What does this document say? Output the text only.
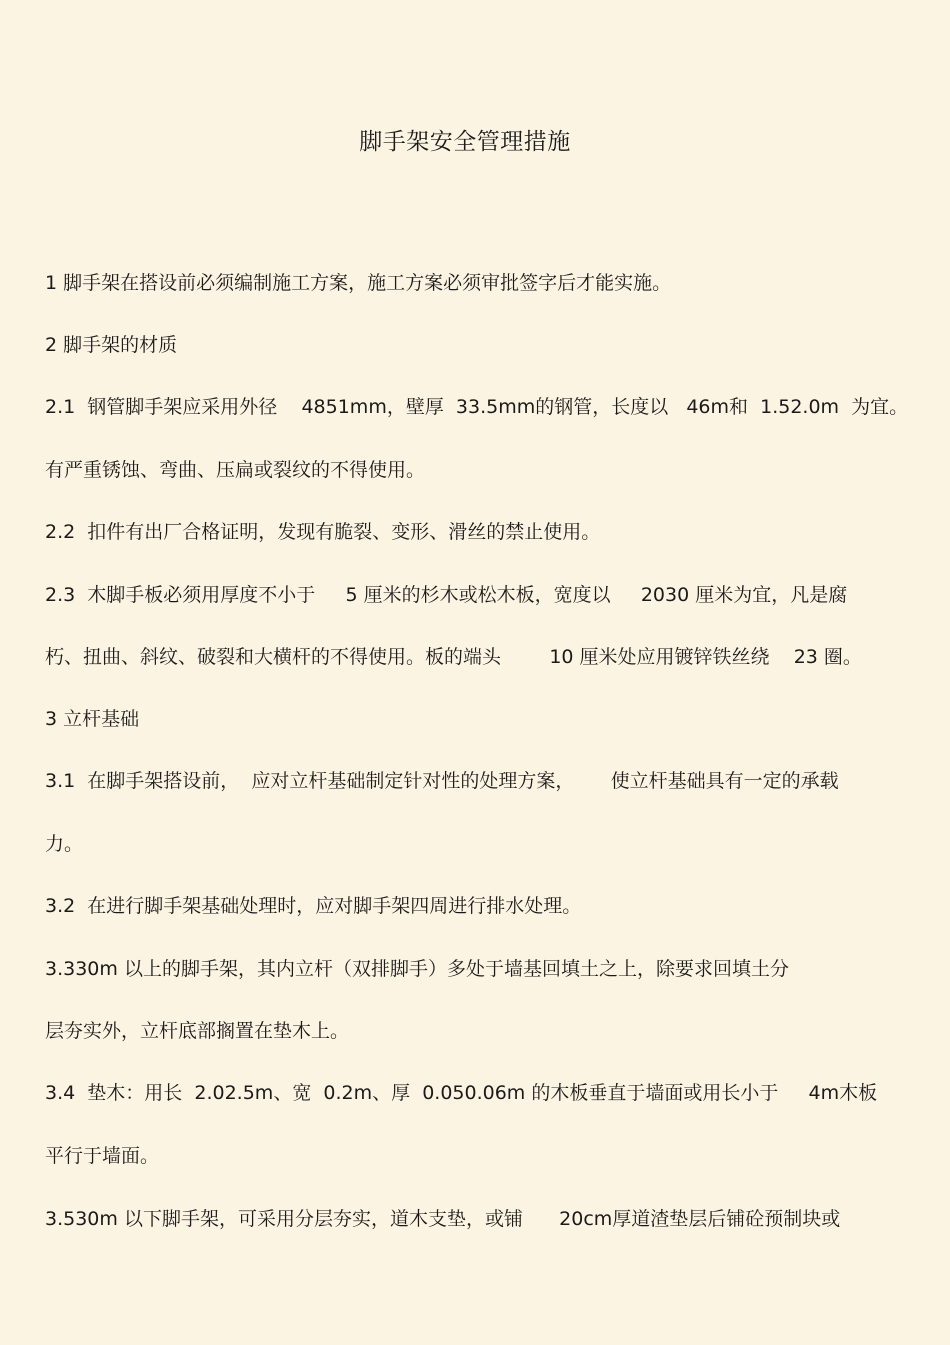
脚手架安全管理措施
1 脚手架在搭设前必须编制施工方案，施工方案必须审批签字后才能实施。
2 脚手架的材质
2.1  钢管脚手架应采用外径    4851mm，壁厚  33.5mm的钢管，长度以   46m和  1.52.0m  为宜。
有严重锈蚀、弯曲、压扁或裂纹的不得使用。
2.2  扣件有出厂合格证明，发现有脆裂、变形、滑丝的禁止使用。
2.3  木脚手板必须用厚度不小于     5 厘米的杉木或松木板，宽度以     2030 厘米为宜，凡是腐
朽、扭曲、斜纹、破裂和大横杆的不得使用。板的端头        10 厘米处应用镀锌铁丝绕    23 圈。
3 立杆基础
3.1  在脚手架搭设前，  应对立杆基础制定针对性的处理方案，      使立杆基础具有一定的承载
力。
3.2  在进行脚手架基础处理时，应对脚手架四周进行排水处理。
3.330m 以上的脚手架，其内立杆（双排脚手）多处于墙基回填土之上，除要求回填土分
层夯实外，立杆底部搁置在垫木上。
3.4  垫木：用长  2.02.5m、宽  0.2m、厚  0.050.06m 的木板垂直于墙面或用长小于     4m木板
平行于墙面。
3.530m 以下脚手架，可采用分层夯实，道木支垫，或铺      20cm厚道渣垫层后铺砼预制块或
